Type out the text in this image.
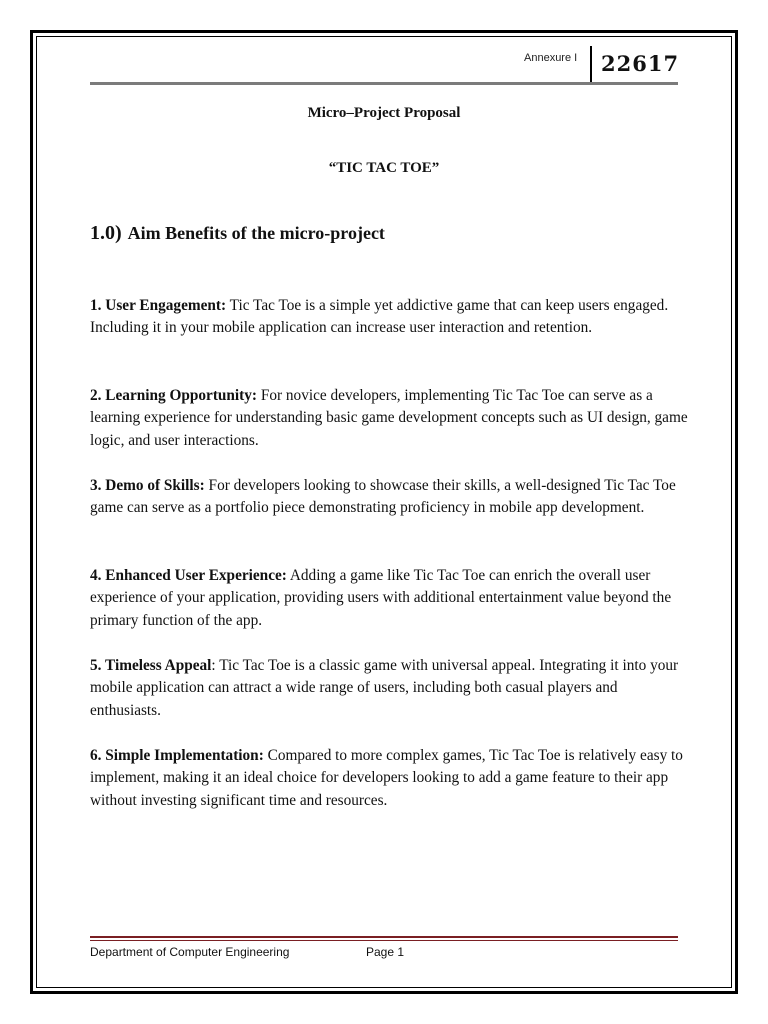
Annexure I 22617
Micro–Project Proposal
“TIC TAC TOE”
1.0) Aim Benefits of the micro-project

1. User Engagement: Tic Tac Toe is a simple yet addictive game that can keep users engaged. Including it in your mobile application can increase user interaction and retention.

2. Learning Opportunity: For novice developers, implementing Tic Tac Toe can serve as a learning experience for understanding basic game development concepts such as UI design, game logic, and user interactions.

3. Demo of Skills: For developers looking to showcase their skills, a well-designed Tic Tac Toe game can serve as a portfolio piece demonstrating proficiency in mobile app development.

4. Enhanced User Experience: Adding a game like Tic Tac Toe can enrich the overall user experience of your application, providing users with additional entertainment value beyond the primary function of the app.

5. Timeless Appeal: Tic Tac Toe is a classic game with universal appeal. Integrating it into your mobile application can attract a wide range of users, including both casual players and enthusiasts.

6. Simple Implementation: Compared to more complex games, Tic Tac Toe is relatively easy to implement, making it an ideal choice for developers looking to add a game feature to their app without investing significant time and resources.

Department of Computer Engineering	Page 1
